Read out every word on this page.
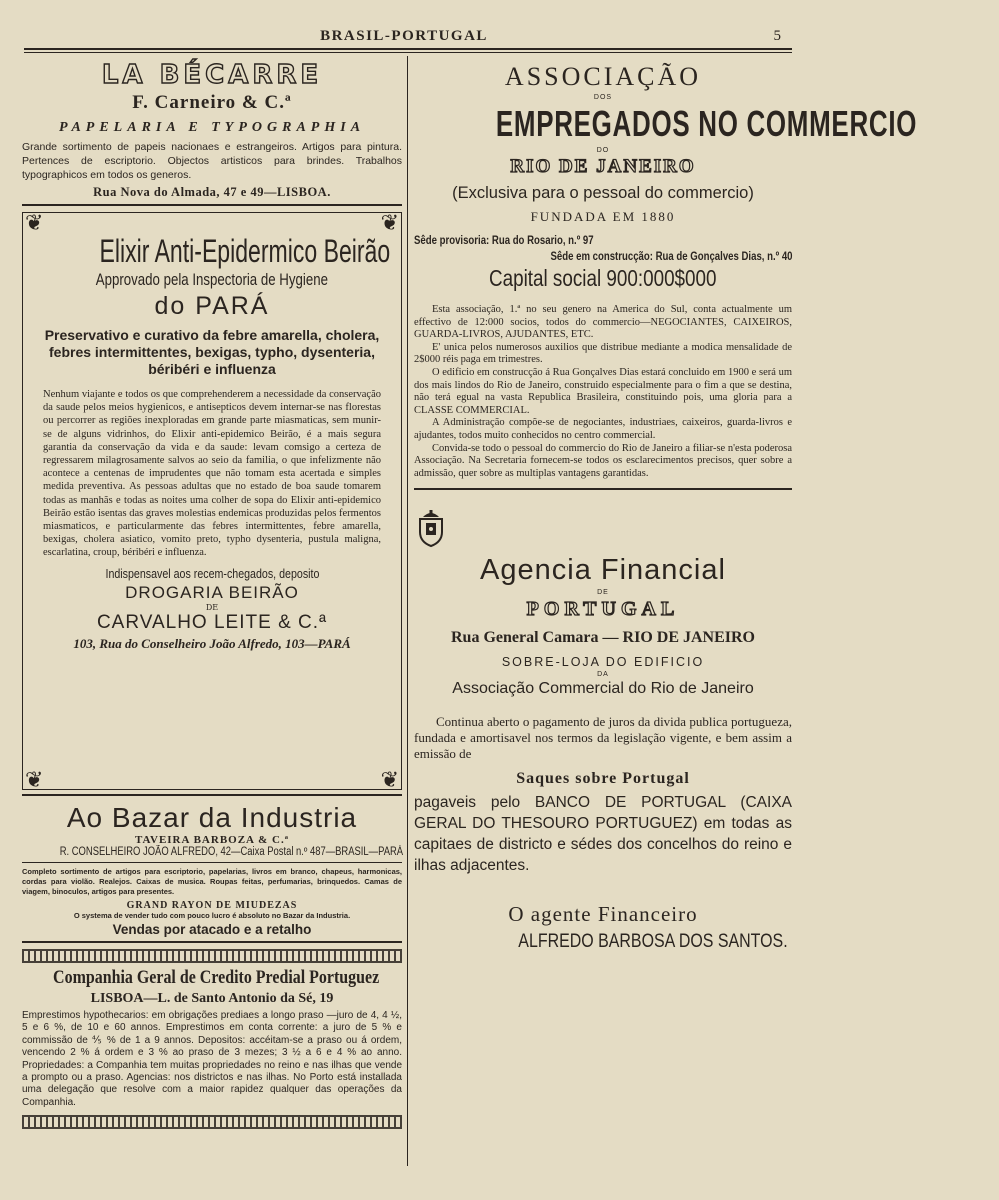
BRASIL-PORTUGAL	5
LA BÉCARRE
F. Carneiro & C.ª
PAPELARIA E TYPOGRAPHIA
Grande sortimento de papeis nacionaes e estrangeiros. Artigos para pintura. Pertences de escriptorio. Objectos artisticos para brindes. Trabalhos typographicos em todos os generos.
Rua Nova do Almada, 47 e 49—LISBOA.
❦	❦
❦	❦
Elixir Anti-Epidermico Beirão
Approvado pela Inspectoria de Hygiene
do PARÁ
Preservativo e curativo da febre amarella, cholera, febres intermittentes, bexigas, typho, dysenteria, béribéri e influenza
Nenhum viajante e todos os que comprehenderem a necessidade da conservação da saude pelos meios hygienicos, e antisepticos devem internar-se nas florestas ou percorrer as regiões inexploradas em grande parte miasmaticas, sem munir-se de alguns vidrinhos, do Elixir anti-epidemico Beirão, é a mais segura garantia da conservação da vida e da saude: levam comsigo a certeza de regressarem milagrosamente salvos ao seio da familia, o que infelizmente não acontece a centenas de imprudentes que não tomam esta acertada e simples medida preventiva. As pessoas adultas que no estado de boa saude tomarem todas as manhãs e todas as noites uma colher de sopa do Elixir anti-epidemico Beirão estão isentas das graves molestias endemicas produzidas pelos fermentos miasmaticos, e particularmente das febres intermittentes, febre amarella, bexigas, cholera asiatico, vomito preto, typho dysenteria, pustula maligna, escarlatina, croup, béribéri e influenza.
Indispensavel aos recem-chegados, deposito
DROGARIA BEIRÃO
DE
CARVALHO LEITE & C.ª
103, Rua do Conselheiro João Alfredo, 103—PARÁ
Ao Bazar da Industria
TAVEIRA BARBOZA & C.ª
R. CONSELHEIRO JOÃO ALFREDO, 42—Caixa Postal n.º 487—BRASIL—PARÁ
Completo sortimento de artigos para escriptorio, papelarias, livros em branco, chapeus, harmonicas, cordas para violão. Realejos. Caixas de musica. Roupas feitas, perfumarias, brinquedos. Camas de viagem, binoculos, artigos para presentes.
GRAND RAYON DE MIUDEZAS
O systema de vender tudo com pouco lucro é absoluto no Bazar da Industria.
Vendas por atacado e a retalho
Companhia Geral de Credito Predial Portuguez
LISBOA—L. de Santo Antonio da Sé, 19
Emprestimos hypothecarios: em obrigações prediaes a longo praso —juro de 4, 4 ½, 5 e 6 %, de 10 e 60 annos. Emprestimos em conta corrente: a juro de 5 % e commissão de ⅘ % de 1 a 9 annos. Depositos: accéitam-se a praso ou á ordem, vencendo 2 % á ordem e 3 % ao praso de 3 mezes; 3 ½ a 6 e 4 % ao anno. Propriedades: a Companhia tem muitas propriedades no reino e nas ilhas que vende a prompto ou a praso. Agencias: nos districtos e nas ilhas. No Porto está installada uma delegação que resolve com a maior rapidez qualquer das operações da Companhia.
ASSOCIAÇÃO
DOS
EMPREGADOS NO COMMERCIO
DO
RIO DE JANEIRO
(Exclusiva para o pessoal do commercio)
FUNDADA EM 1880
Sêde provisoria: Rua do Rosario, n.º 97
Sêde em construcção: Rua de Gonçalves Dias, n.º 40
Capital social 900:000$000

Esta associação, 1.ª no seu genero na America do Sul, conta actualmente um effectivo de 12:000 socios, todos do commercio—NEGOCIANTES, CAIXEIROS, GUARDA-LIVROS, AJUDANTES, ETC.

E' unica pelos numerosos auxilios que distribue mediante a modica mensalidade de 2$000 réis paga em trimestres.

O edificio em construcção á Rua Gonçalves Dias estará concluido em 1900 e será um dos mais lindos do Rio de Janeiro, construido especialmente para o fim a que se destina, não terá egual na vasta Republica Brasileira, constituindo pois, uma gloria para a CLASSE COMMERCIAL.

A Administração compõe-se de negociantes, industriaes, caixeiros, guarda-livros e ajudantes, todos muito conhecidos no centro commercial.

Convida-se todo o pessoal do commercio do Rio de Janeiro a filiar-se n'esta poderosa Associação. Na Secretaria fornecem-se todos os esclarecimentos precisos, quer sobre a admissão, quer sobre as multiplas vantagens garantidas.

Agencia Financial
DE
PORTUGAL
Rua General Camara — RIO DE JANEIRO
SOBRE-LOJA DO EDIFICIO
DA
Associação Commercial do Rio de Janeiro
Continua aberto o pagamento de juros da divida publica portugueza, fundada e amortisavel nos termos da legislação vigente, e bem assim a emissão de
Saques sobre Portugal
pagaveis pelo BANCO DE PORTUGAL (CAIXA GERAL DO THESOURO PORTUGUEZ) em todas as capitaes de districto e sédes dos concelhos do reino e ilhas adjacentes.
O agente Financeiro
ALFREDO BARBOSA DOS SANTOS.
